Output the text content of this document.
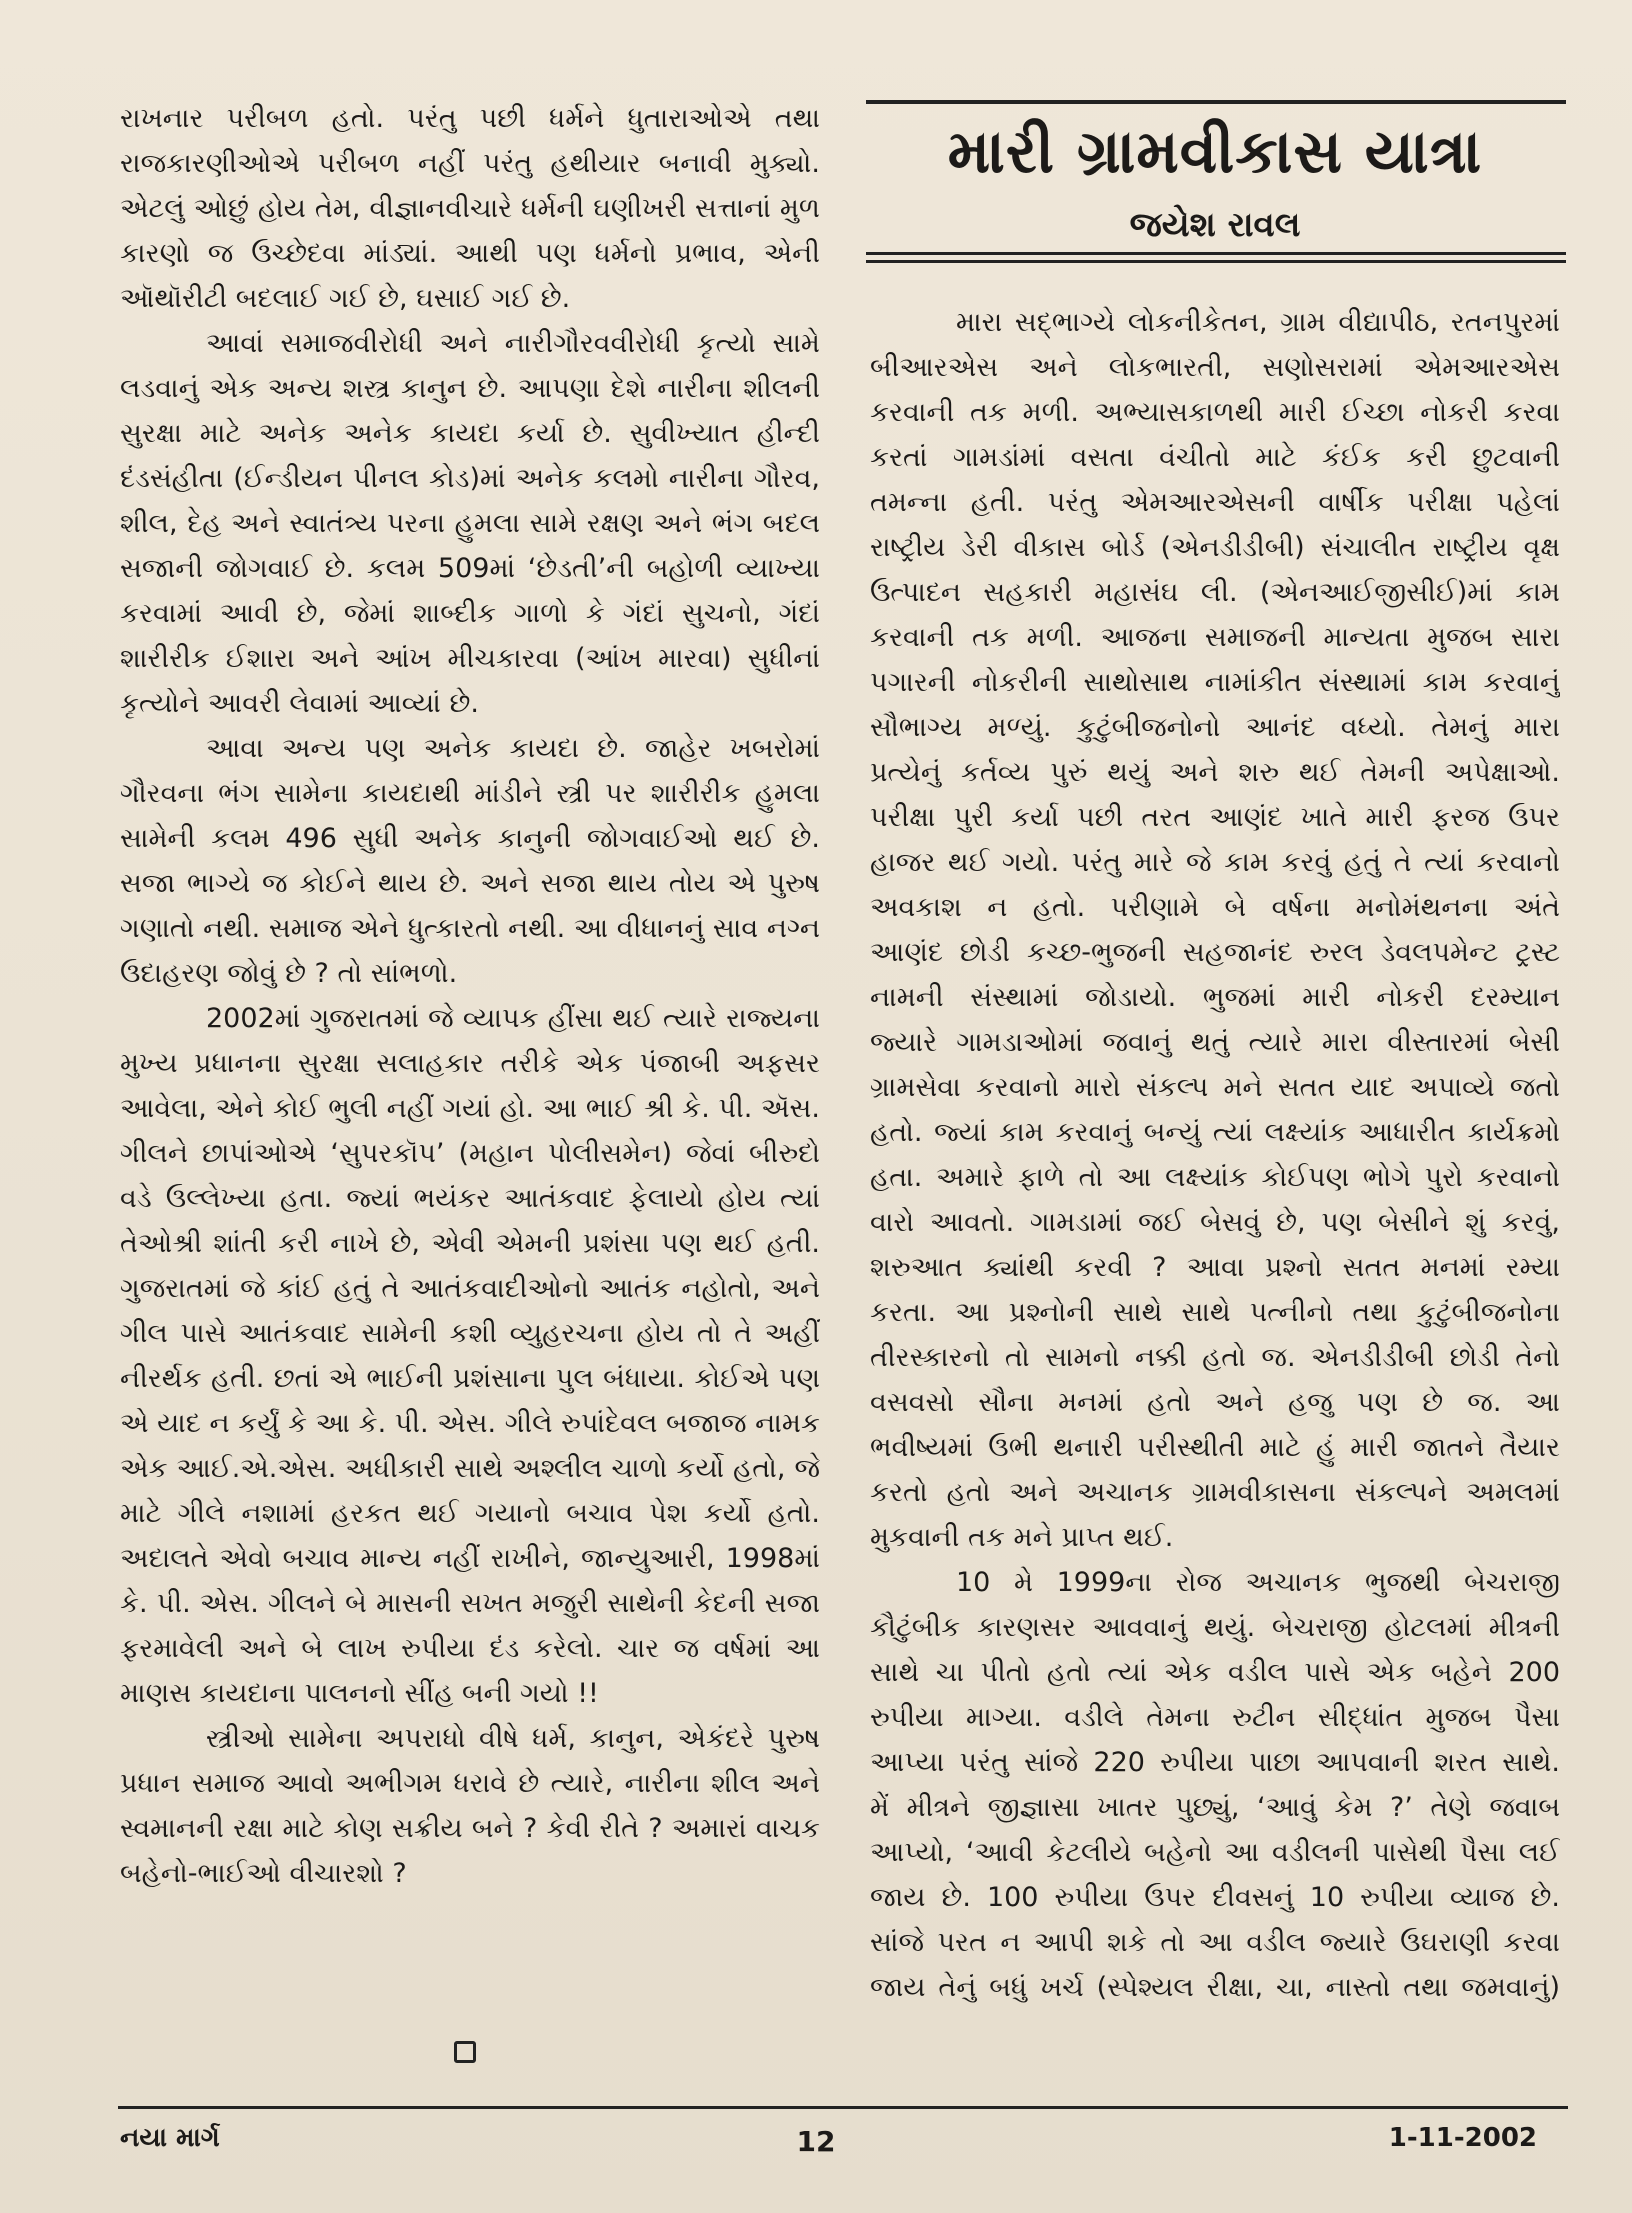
રાખનાર પરીબળ હતો. પરંતુ પછી ધર્મને ધુતારાઓએ તથા
રાજકારણીઓએ પરીબળ નહીં પરંતુ હથીયાર બનાવી મુક્યો.
એટલું ઓછું હોય તેમ, વીજ્ઞાનવીચારે ધર્મની ઘણીખરી સત્તાનાં મુળ
કારણો જ ઉચ્છેદવા માંડ્યાં. આથી પણ ધર્મનો પ્રભાવ, એની
ઑથૉરીટી બદલાઈ ગઈ છે, ઘસાઈ ગઈ છે.
આવાં સમાજવીરોધી અને નારીગૌરવવીરોધી કૃત્યો સામે
લડવાનું એક અન્ય શસ્ત્ર કાનુન છે. આપણા દેશે નારીના શીલની
સુરક્ષા માટે અનેક અનેક કાયદા કર્યા છે. સુવીખ્યાત હીન્દી
દંડસંહીતા (ઈન્ડીયન પીનલ કોડ)માં અનેક કલમો નારીના ગૌરવ,
શીલ, દેહ અને સ્વાતંત્ર્ય પરના હુમલા સામે રક્ષણ અને ભંગ બદલ
સજાની જોગવાઈ છે. કલમ 509માં ‘છેડતી’ની બહોળી વ્યાખ્યા
કરવામાં આવી છે, જેમાં શાબ્દીક ગાળો કે ગંદાં સુચનો, ગંદાં
શારીરીક ઈશારા અને આંખ મીચકારવા (આંખ મારવા) સુધીનાં
કૃત્યોને આવરી લેવામાં આવ્યાં છે.
આવા અન્ય પણ અનેક કાયદા છે. જાહેર ખબરોમાં
ગૌરવના ભંગ સામેના કાયદાથી માંડીને સ્ત્રી પર શારીરીક હુમલા
સામેની કલમ 496 સુધી અનેક કાનુની જોગવાઈઓ થઈ છે.
સજા ભાગ્યે જ કોઈને થાય છે. અને સજા થાય તોય એ પુરુષ
ગણાતો નથી. સમાજ એને ધુત્કારતો નથી. આ વીધાનનું સાવ નગ્ન
ઉદાહરણ જોવું છે ? તો સાંભળો.
2002માં ગુજરાતમાં જે વ્યાપક હીંસા થઈ ત્યારે રાજ્યના
મુખ્ય પ્રધાનના સુરક્ષા સલાહકાર તરીકે એક પંજાબી અફસર
આવેલા, એને કોઈ ભુલી નહીં ગયાં હો. આ ભાઈ શ્રી કે. પી. ઍસ.
ગીલને છાપાંઓએ ‘સુપરકૉપ’ (મહાન પોલીસમેન) જેવાં બીરુદો
વડે ઉલ્લેખ્યા હતા. જ્યાં ભયંકર આતંકવાદ ફેલાયો હોય ત્યાં
તેઓશ્રી શાંતી કરી નાખે છે, એવી એમની પ્રશંસા પણ થઈ હતી.
ગુજરાતમાં જે કાંઈ હતું તે આતંકવાદીઓનો આતંક નહોતો, અને
ગીલ પાસે આતંકવાદ સામેની કશી વ્યુહરચના હોય તો તે અહીં
નીરર્થક હતી. છતાં એ ભાઈની પ્રશંસાના પુલ બંધાયા. કોઈએ પણ
એ યાદ ન કર્યું કે આ કે. પી. એસ. ગીલે રુપાંદેવલ બજાજ નામક
એક આઈ.એ.એસ. અધીકારી સાથે અશ્લીલ ચાળો કર્યો હતો, જે
માટે ગીલે નશામાં હરકત થઈ ગયાનો બચાવ પેશ કર્યો હતો.
અદાલતે એવો બચાવ માન્ય નહીં રાખીને, જાન્યુઆરી, 1998માં
કે. પી. એસ. ગીલને બે માસની સખત મજુરી સાથેની કેદની સજા
ફરમાવેલી અને બે લાખ રુપીયા દંડ કરેલો. ચાર જ વર્ષમાં આ
માણસ કાયદાના પાલનનો સીંહ બની ગયો !!
સ્ત્રીઓ સામેના અપરાધો વીષે ધર્મ, કાનુન, એકંદરે પુરુષ
પ્રધાન સમાજ આવો અભીગમ ધરાવે છે ત્યારે, નારીના શીલ અને
સ્વમાનની રક્ષા માટે કોણ સક્રીય બને ? કેવી રીતે ? અમારાં વાચક
બહેનો-ભાઈઓ વીચારશો ?
મારી ગ્રામવીકાસ યાત્રા
જયેશ રાવલ
મારા સદ્ભાગ્યે લોકનીકેતન, ગ્રામ વીદ્યાપીઠ, રતનપુરમાં
બીઆરએસ અને લોકભારતી, સણોસરામાં એમઆરએસ
કરવાની તક મળી. અભ્યાસકાળથી મારી ઈચ્છા નોકરી કરવા
કરતાં ગામડાંમાં વસતા વંચીતો માટે કંઈક કરી છુટવાની
તમન્ના હતી. પરંતુ એમઆરએસની વાર્ષીક પરીક્ષા પહેલાં
રાષ્ટ્રીય ડેરી વીકાસ બોર્ડ (એનડીડીબી) સંચાલીત રાષ્ટ્રીય વૃક્ષ
ઉત્પાદન સહકારી મહાસંઘ લી. (એનઆઈજીસીઈ)માં કામ
કરવાની તક મળી. આજના સમાજની માન્યતા મુજબ સારા
પગારની નોકરીની સાથોસાથ નામાંકીત સંસ્થામાં કામ કરવાનું
સૌભાગ્ય મળ્યું. કુટુંબીજનોનો આનંદ વધ્યો. તેમનું મારા
પ્રત્યેનું કર્તવ્ય પુરું થયું અને શરુ થઈ તેમની અપેક્ષાઓ.
પરીક્ષા પુરી કર્યા પછી તરત આણંદ ખાતે મારી ફરજ ઉપર
હાજર થઈ ગયો. પરંતુ મારે જે કામ કરવું હતું તે ત્યાં કરવાનો
અવકાશ ન હતો. પરીણામે બે વર્ષના મનોમંથનના અંતે
આણંદ છોડી કચ્છ-ભુજની સહજાનંદ રુરલ ડેવલપમેન્ટ ટ્રસ્ટ
નામની સંસ્થામાં જોડાયો. ભુજમાં મારી નોકરી દરમ્યાન
જ્યારે ગામડાઓમાં જવાનું થતું ત્યારે મારા વીસ્તારમાં બેસી
ગ્રામસેવા કરવાનો મારો સંકલ્પ મને સતત યાદ અપાવ્યે જતો
હતો. જ્યાં કામ કરવાનું બન્યું ત્યાં લક્ષ્યાંક આધારીત કાર્યક્રમો
હતા. અમારે ફાળે તો આ લક્ષ્યાંક કોઈપણ ભોગે પુરો કરવાનો
વારો આવતો. ગામડામાં જઈ બેસવું છે, પણ બેસીને શું કરવું,
શરુઆત ક્યાંથી કરવી ? આવા પ્રશ્નો સતત મનમાં રમ્યા
કરતા. આ પ્રશ્નોની સાથે સાથે પત્નીનો તથા કુટુંબીજનોના
તીરસ્કારનો તો સામનો નક્કી હતો જ. એનડીડીબી છોડી તેનો
વસવસો સૌના મનમાં હતો અને હજુ પણ છે જ. આ
ભવીષ્યમાં ઉભી થનારી પરીસ્થીતી માટે હું મારી જાતને તૈયાર
કરતો હતો અને અચાનક ગ્રામવીકાસના સંકલ્પને અમલમાં
મુકવાની તક મને પ્રાપ્ત થઈ.
10 મે 1999ના રોજ અચાનક ભુજથી બેચરાજી
કૌટુંબીક કારણસર આવવાનું થયું. બેચરાજી હોટલમાં મીત્રની
સાથે ચા પીતો હતો ત્યાં એક વડીલ પાસે એક બહેને 200
રુપીયા માગ્યા. વડીલે તેમના રુટીન સીદ્ધાંત મુજબ પૈસા
આપ્યા પરંતુ સાંજે 220 રુપીયા પાછા આપવાની શરત સાથે.
મેં મીત્રને જીજ્ઞાસા ખાતર પુછ્યું, ‘આવું કેમ ?’ તેણે જવાબ
આપ્યો, ‘આવી કેટલીયે બહેનો આ વડીલની પાસેથી પૈસા લઈ
જાય છે. 100 રુપીયા ઉપર દીવસનું 10 રુપીયા વ્યાજ છે.
સાંજે પરત ન આપી શકે તો આ વડીલ જ્યારે ઉઘરાણી કરવા
જાય તેનું બધું ખર્ચ (સ્પેશ્યલ રીક્ષા, ચા, નાસ્તો તથા જમવાનું)
નયા માર્ગ	12	1-11-2002
